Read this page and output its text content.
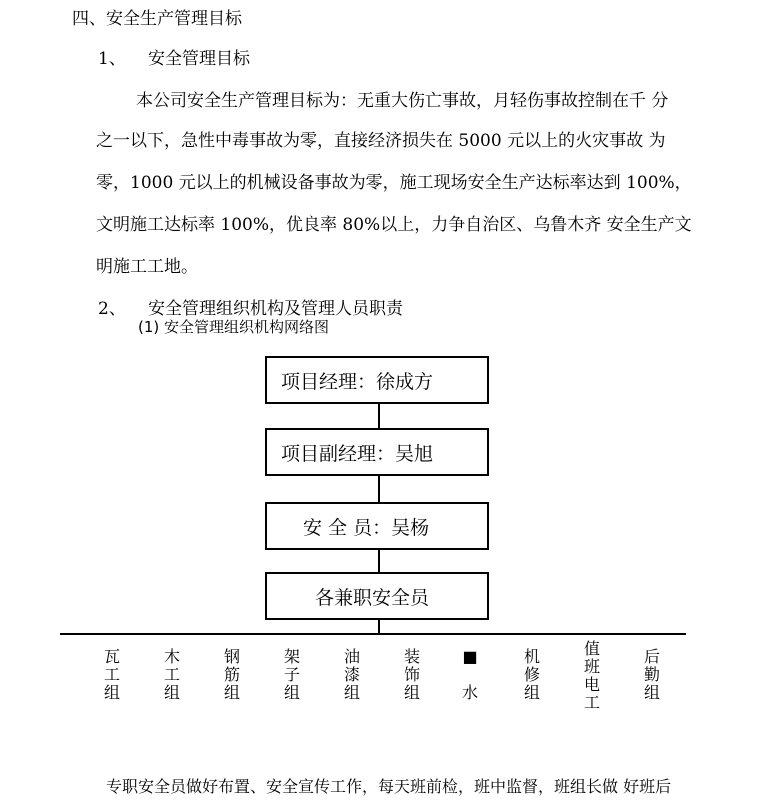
四、安全生产管理目标
1、 安全管理目标
本公司安全生产管理目标为：无重大伤亡事故，月轻伤事故控制在千 分
之一以下，急性中毒事故为零，直接经济损失在 5000 元以上的火灾事故 为
零，1000 元以上的机械设备事故为零，施工现场安全生产达标率达到 100%，
文明施工达标率 100%，优良率 80%以上，力争自治区、乌鲁木齐 安全生产文
明施工工地。
2、 安全管理组织机构及管理人员职责
(1) 安全管理组织机构网络图
项目经理：徐成方
项目副经理：吴旭
安 全 员：吴杨
各兼职安全员
瓦
工
组
木
工
组
钢
筋
组
架
子
组
油
漆
组
装
饰
组
■

水
机
修
组
值
班
电
工
后
勤
组
专职安全员做好布置、安全宣传工作，每天班前检，班中监督，班组长做 好班后
